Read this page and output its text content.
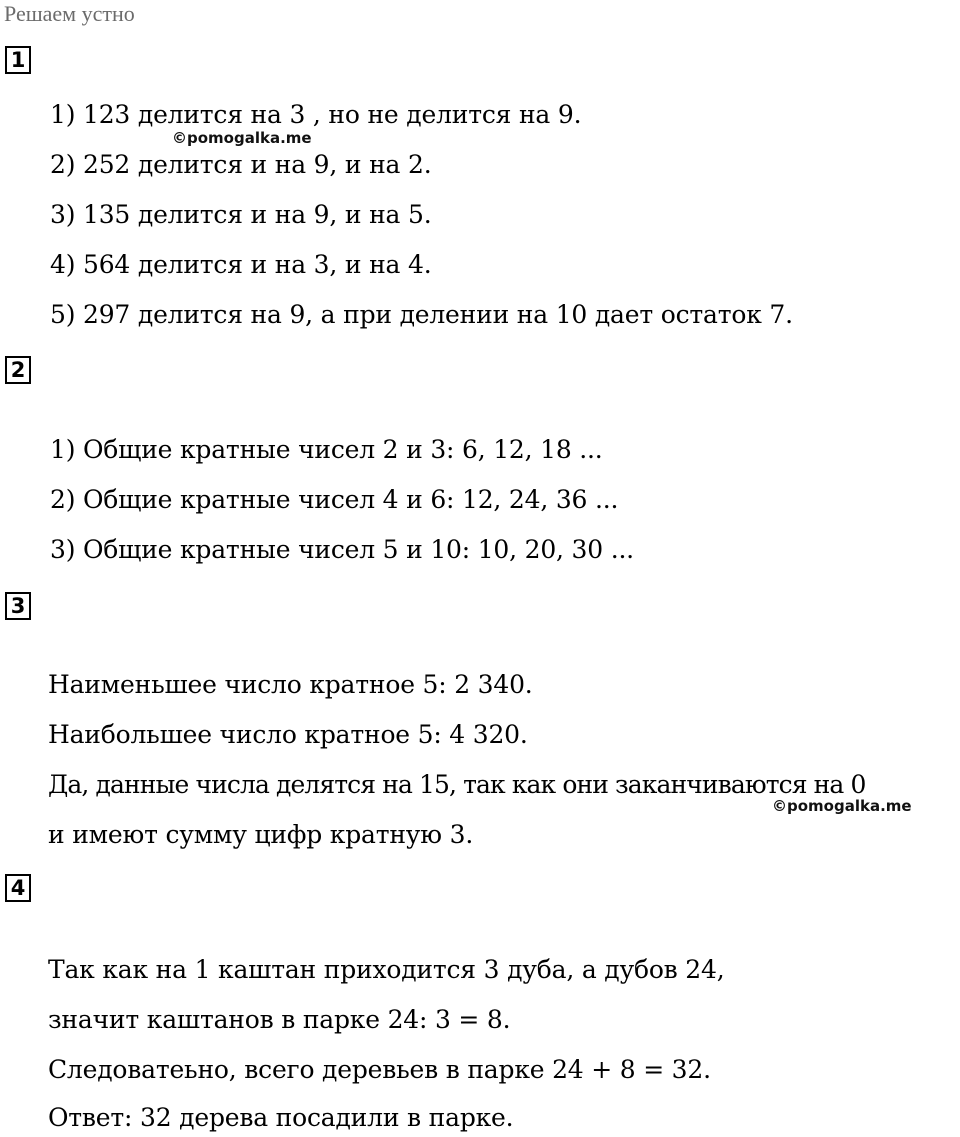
Решаем устно
1
1) 123 делится на 3 , но не делится на 9.
©pomogalka.me
2) 252 делится и на 9, и на 2.
3) 135 делится и на 9, и на 5.
4) 564 делится и на 3, и на 4.
5) 297 делится на 9, а при делении на 10 дает остаток 7.
2
1) Общие кратные чисел 2 и 3: 6, 12, 18 ...
2) Общие кратные чисел 4 и 6: 12, 24, 36 ...
3) Общие кратные чисел 5 и 10: 10, 20, 30 ...
3
Наименьшее число кратное 5: 2 340.
Наибольшее число кратное 5: 4 320.
Да, данные числа делятся на 15, так как они заканчиваются на 0
©pomogalka.me
и имеют сумму цифр кратную 3.
4
Так как на 1 каштан приходится 3 дуба, а дубов 24,
значит каштанов в парке 24: 3 = 8.
Следоватеьно, всего деревьев в парке 24 + 8 = 32.
Ответ: 32 дерева посадили в парке.
